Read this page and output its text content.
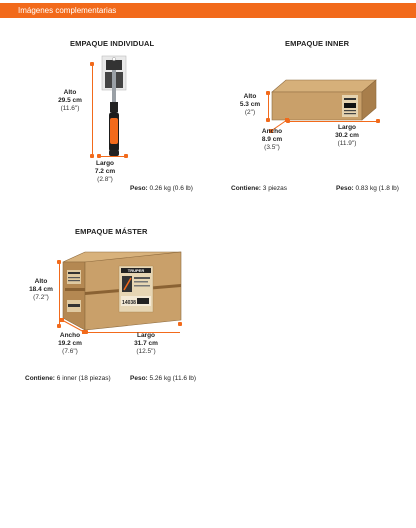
Imágenes complementarias
EMPAQUE INDIVIDUAL
Alto
29.5 cm
(11.6")
Largo
7.2 cm
(2.8")
Peso: 0.26 kg (0.6 lb)
EMPAQUE INNER
Alto
5.3 cm
(2")
Ancho
8.9 cm
(3.5")
Largo
30.2 cm
(11.9")
Contiene: 3 piezas	Peso: 0.83 kg (1.8 lb)
EMPAQUE MÁSTER
TRUPER
14038
Alto
18.4 cm
(7.2")
Ancho
19.2 cm
(7.6")
Largo
31.7 cm
(12.5")
Contiene: 6 inner (18 piezas)	Peso: 5.26 kg (11.6 lb)
